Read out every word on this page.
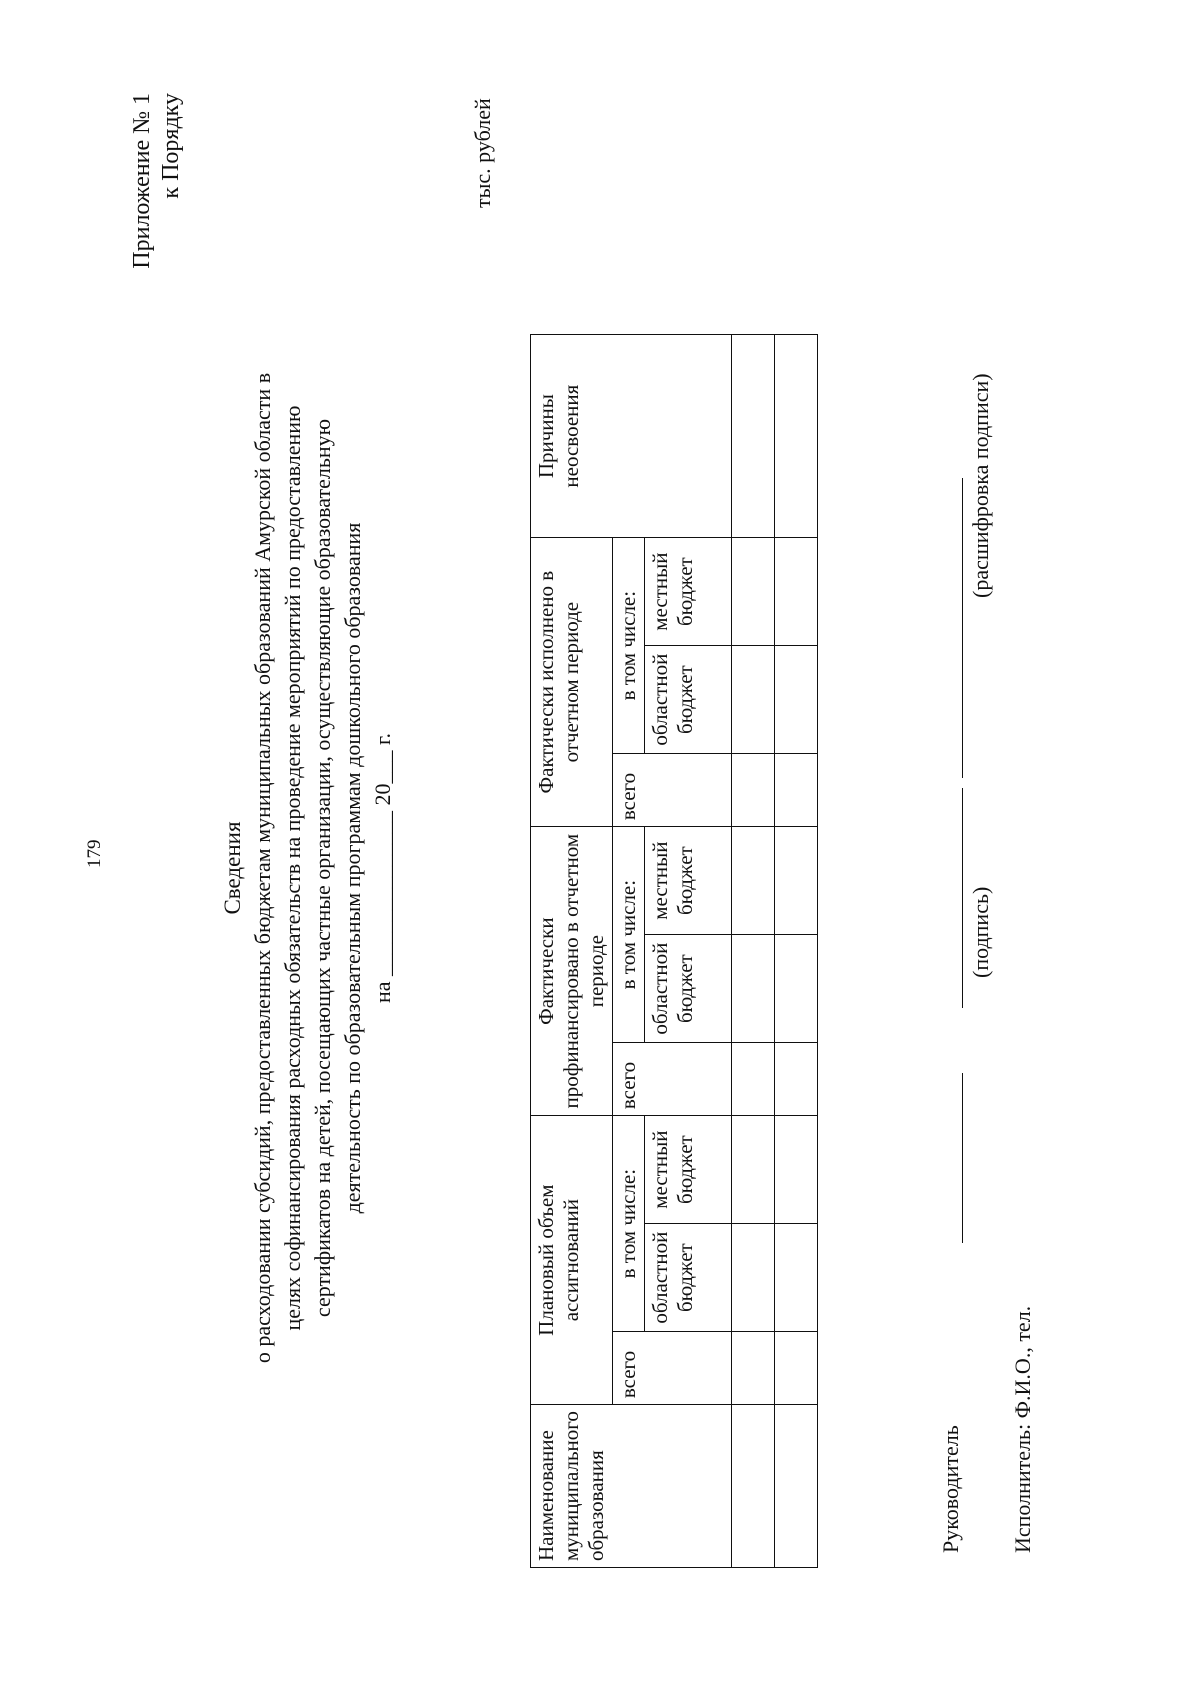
179
Приложение № 1 к Порядку
Сведения о расходовании субсидий, предоставленных бюджетам муниципальных образований Амурской области в целях софинансирования расходных обязательств на проведение мероприятий по предоставлению сертификатов на детей, посещающих частные организации, осуществляющие образовательную деятельность по образовательным программам дошкольного образования на _______________ 20___ г.
тыс. рублей
Наименование муниципального образования	Плановый объем ассигнований			Фактически профинансировано в отчетном периоде			Фактически исполнено в отчетном периоде			Причины неосвоения
	всего	в том числе:		всего	в том числе:		всего	в том числе:		
		областной бюджет	местный бюджет		областной бюджет	местный бюджет		областной бюджет	местный бюджет	

Руководитель
(подпись)
(расшифровка подписи)
Исполнитель: Ф.И.О., тел.
